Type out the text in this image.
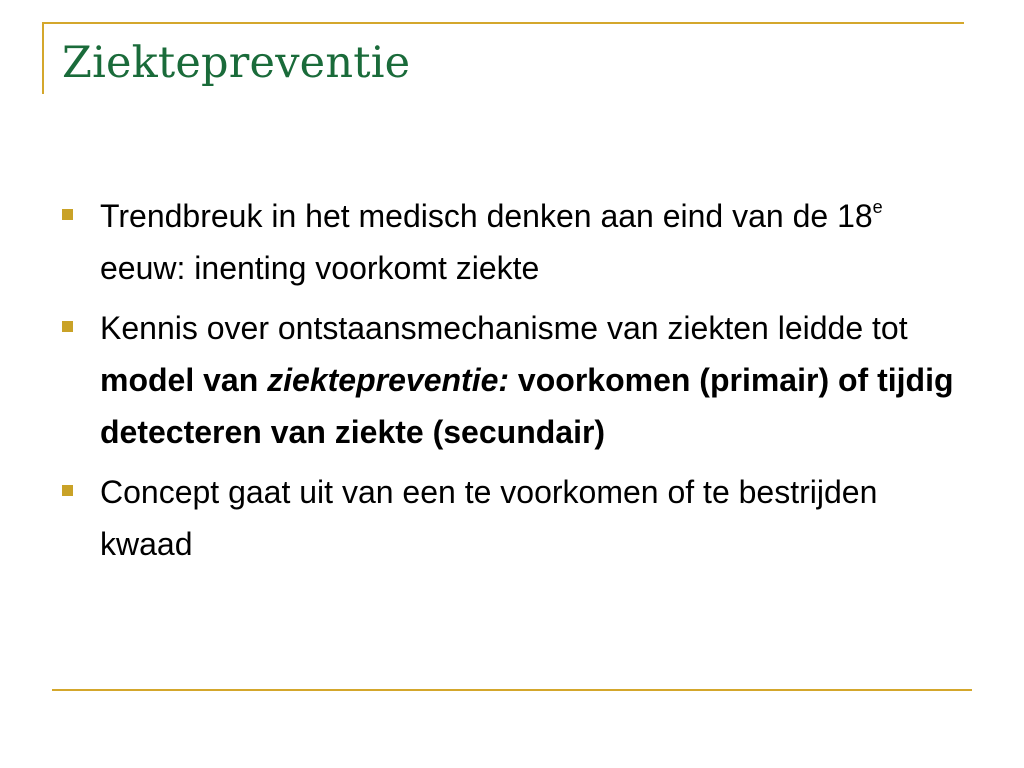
Ziektepreventie
Trendbreuk in het medisch denken aan eind van de 18e eeuw: inenting voorkomt ziekte
Kennis over ontstaansmechanisme van ziekten leidde tot model van ziektepreventie: voorkomen (primair) of tijdig detecteren van ziekte (secundair)
Concept gaat uit van een te voorkomen of te bestrijden kwaad
